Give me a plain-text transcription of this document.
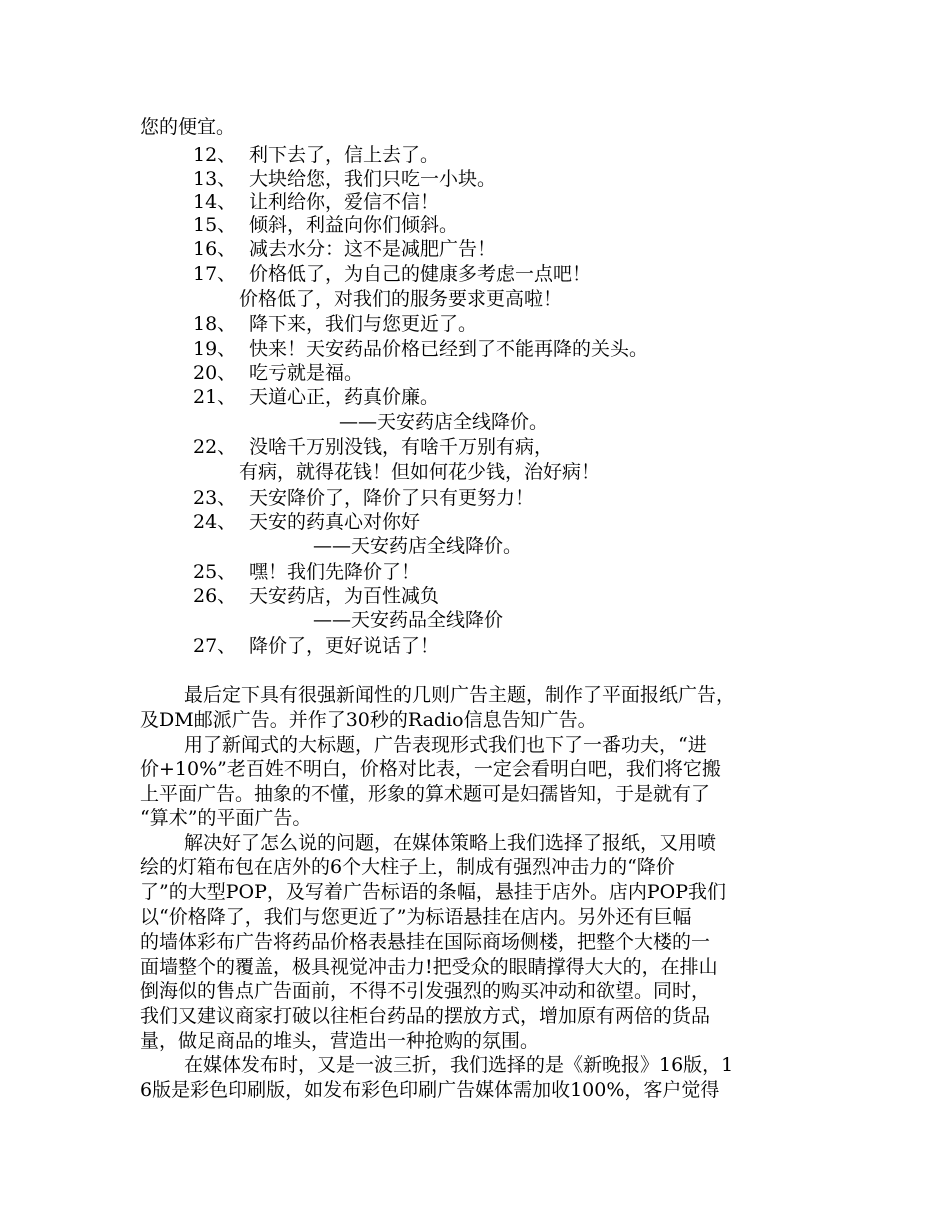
您的便宜。
12、 利下去了，信上去了。
13、 大块给您，我们只吃一小块。
14、 让利给你，爱信不信！
15、 倾斜，利益向你们倾斜。
16、 减去水分：这不是减肥广告！
17、 价格低了，为自己的健康多考虑一点吧！
价格低了，对我们的服务要求更高啦！
18、 降下来，我们与您更近了。
19、 快来！天安药品价格已经到了不能再降的关头。
20、 吃亏就是福。
21、 天道心正，药真价廉。
——天安药店全线降价。
22、 没啥千万别没钱，有啥千万别有病，
有病，就得花钱！但如何花少钱，治好病！
23、 天安降价了，降价了只有更努力！
24、 天安的药真心对你好
——天安药店全线降价。
25、 嘿！我们先降价了！
26、 天安药店，为百性减负
——天安药品全线降价
27、 降价了，更好说话了！
最后定下具有很强新闻性的几则广告主题，制作了平面报纸广告，
及DM邮派广告。并作了30秒的Radio信息告知广告。
用了新闻式的大标题，广告表现形式我们也下了一番功夫，“进
价+10%”老百姓不明白，价格对比表，一定会看明白吧，我们将它搬
上平面广告。抽象的不懂，形象的算术题可是妇孺皆知，于是就有了
“算术”的平面广告。
解决好了怎么说的问题，在媒体策略上我们选择了报纸，又用喷
绘的灯箱布包在店外的6个大柱子上，制成有强烈冲击力的“降价
了”的大型POP，及写着广告标语的条幅，悬挂于店外。店内POP我们
以“价格降了，我们与您更近了”为标语悬挂在店内。另外还有巨幅
的墙体彩布广告将药品价格表悬挂在国际商场侧楼，把整个大楼的一
面墙整个的覆盖，极具视觉冲击力!把受众的眼睛撑得大大的，在排山
倒海似的售点广告面前，不得不引发强烈的购买冲动和欲望。同时，
我们又建议商家打破以往柜台药品的摆放方式，增加原有两倍的货品
量，做足商品的堆头，营造出一种抢购的氛围。
在媒体发布时，又是一波三折，我们选择的是《新晚报》16版，1
6版是彩色印刷版，如发布彩色印刷广告媒体需加收100%，客户觉得
